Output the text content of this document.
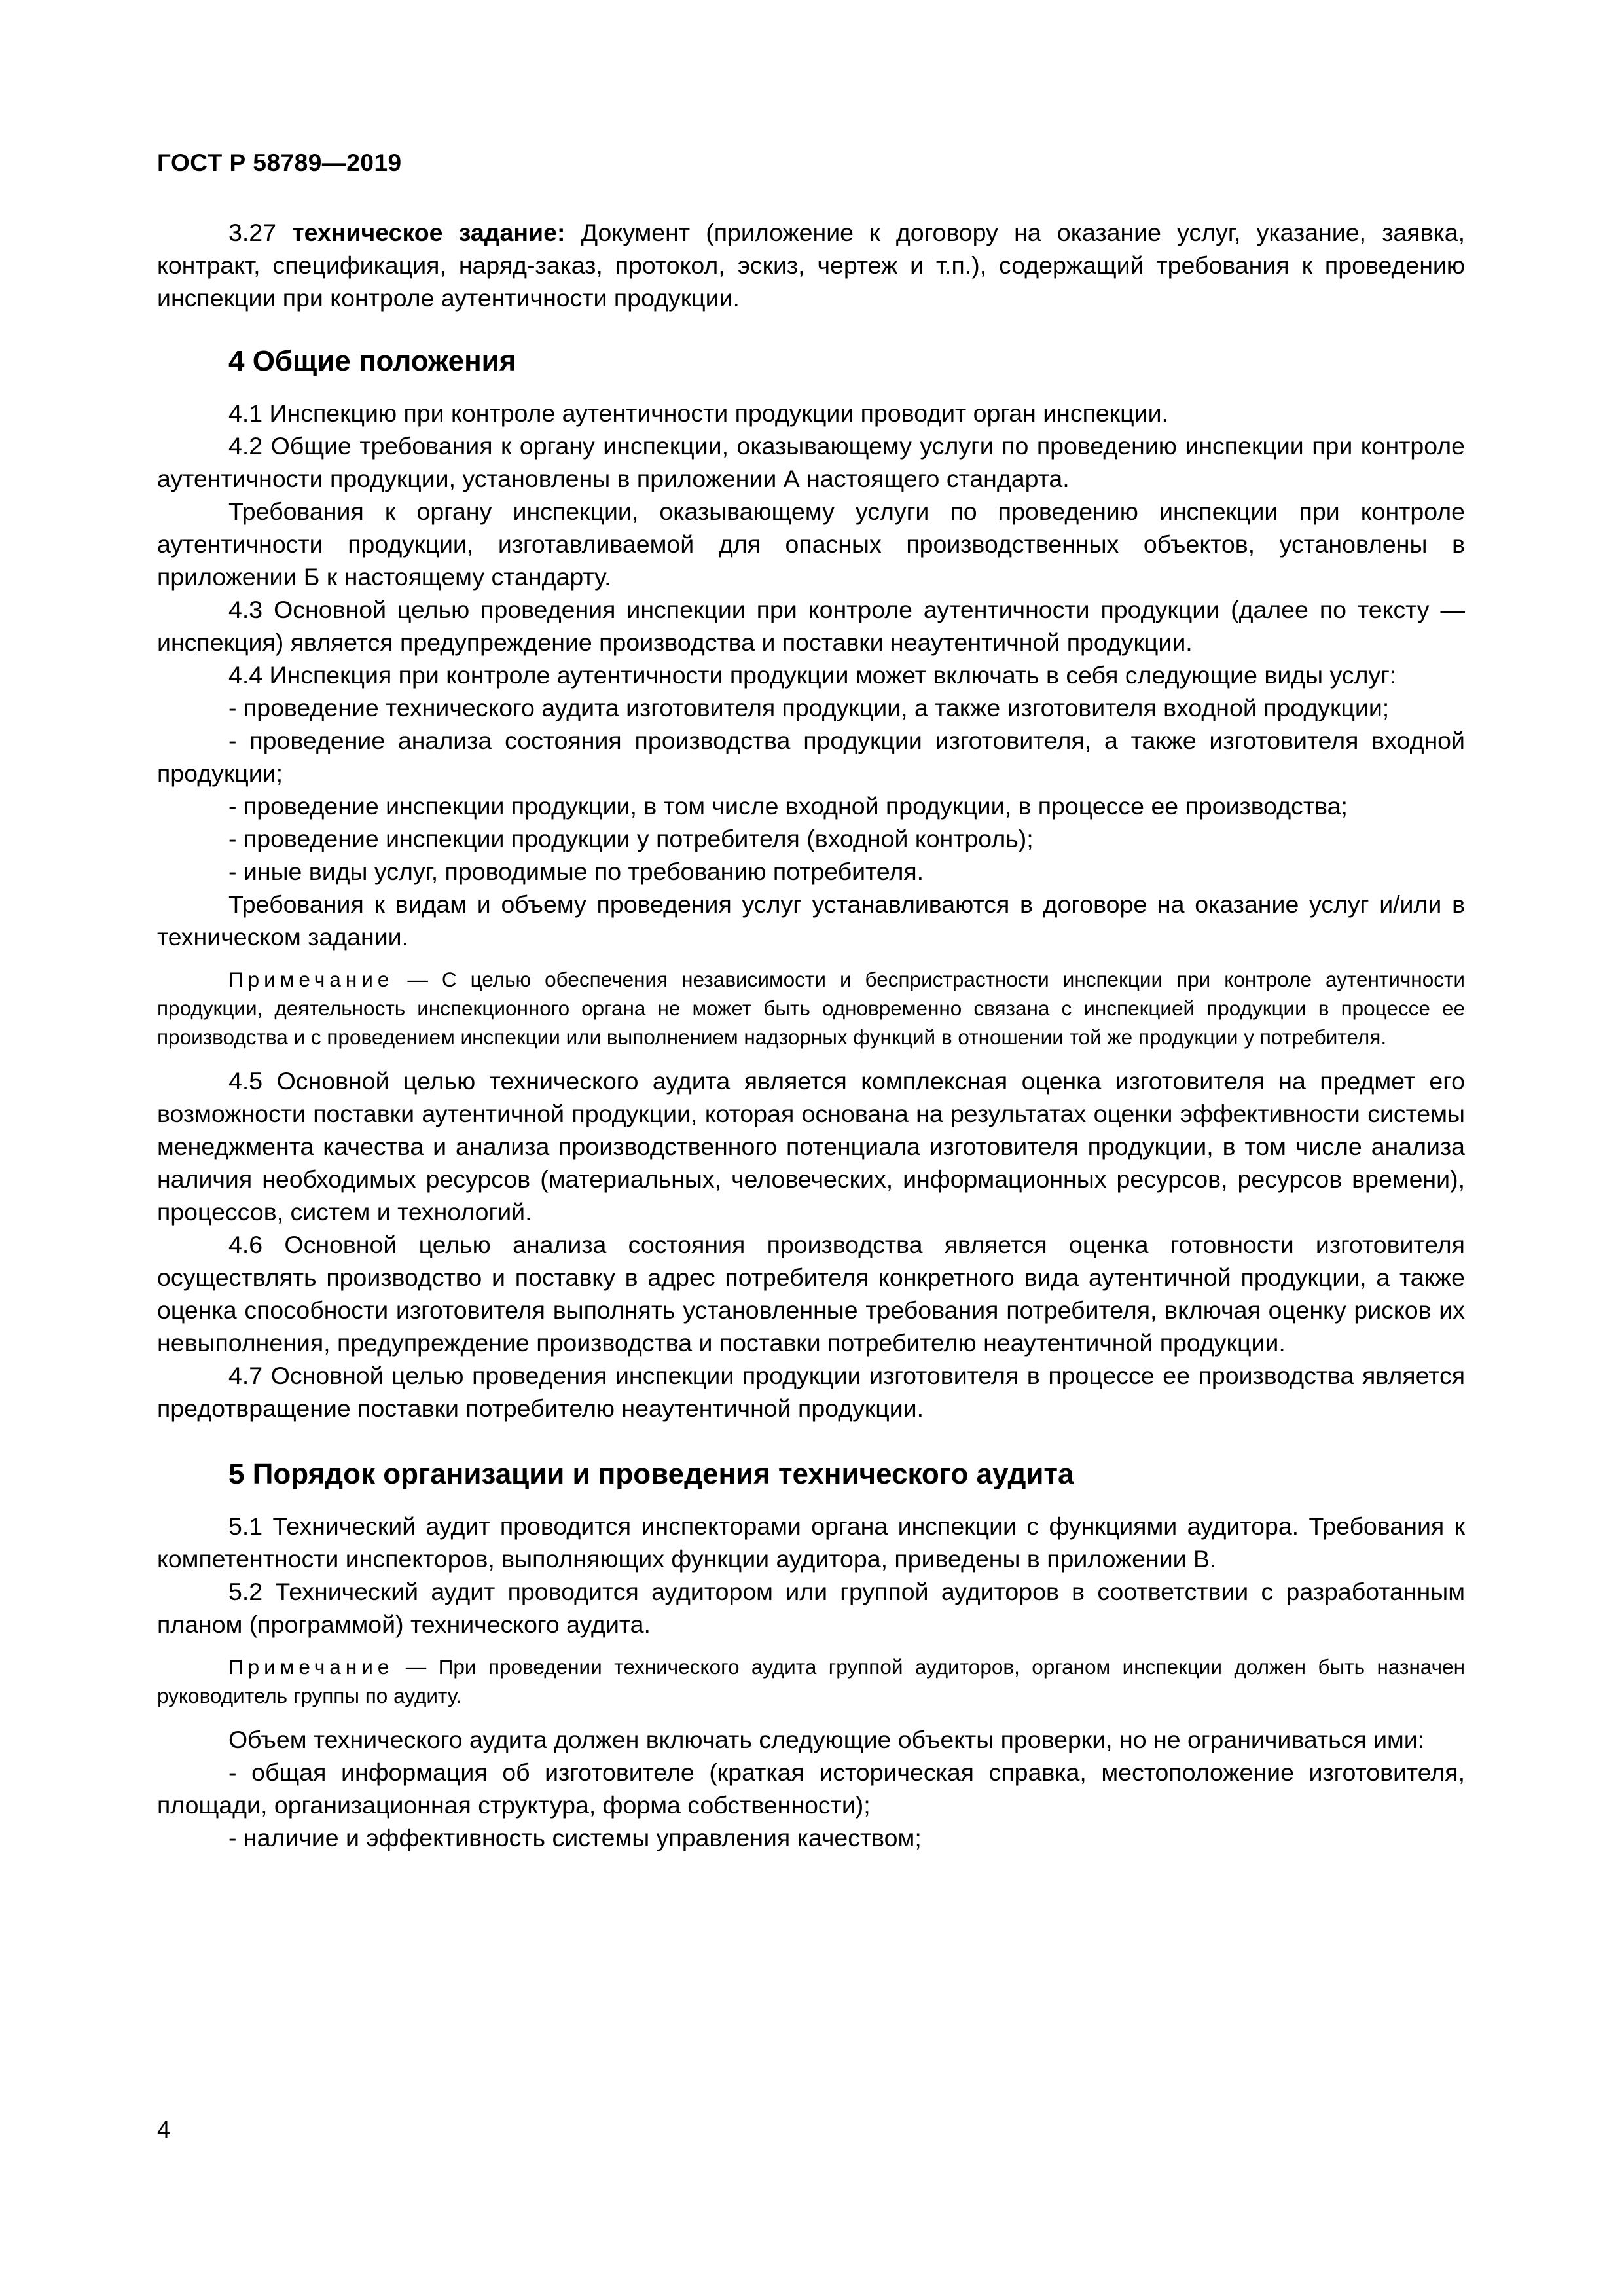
ГОСТ Р 58789—2019

3.27 техническое задание: Документ (приложение к договору на оказание услуг, указание, заявка, контракт, спецификация, наряд-заказ, протокол, эскиз, чертеж и т.п.), содержащий требования к проведению инспекции при контроле аутентичности продукции.

4 Общие положения

4.1 Инспекцию при контроле аутентичности продукции проводит орган инспекции.

4.2 Общие требования к органу инспекции, оказывающему услуги по проведению инспекции при контроле аутентичности продукции, установлены в приложении А настоящего стандарта.

Требования к органу инспекции, оказывающему услуги по проведению инспекции при контроле аутентичности продукции, изготавливаемой для опасных производственных объектов, установлены в приложении Б к настоящему стандарту.

4.3 Основной целью проведения инспекции при контроле аутентичности продукции (далее по тексту — инспекция) является предупреждение производства и поставки неаутентичной продукции.

4.4 Инспекция при контроле аутентичности продукции может включать в себя следующие виды услуг:

- проведение технического аудита изготовителя продукции, а также изготовителя входной продукции;

- проведение анализа состояния производства продукции изготовителя, а также изготовителя входной продукции;

- проведение инспекции продукции, в том числе входной продукции, в процессе ее производства;

- проведение инспекции продукции у потребителя (входной контроль);

- иные виды услуг, проводимые по требованию потребителя.

Требования к видам и объему проведения услуг устанавливаются в договоре на оказание услуг и/или в техническом задании.

Примечание — С целью обеспечения независимости и беспристрастности инспекции при контроле аутентичности продукции, деятельность инспекционного органа не может быть одновременно связана с инспекцией продукции в процессе ее производства и с проведением инспекции или выполнением надзорных функций в отношении той же продукции у потребителя.

4.5 Основной целью технического аудита является комплексная оценка изготовителя на предмет его возможности поставки аутентичной продукции, которая основана на результатах оценки эффективности системы менеджмента качества и анализа производственного потенциала изготовителя продукции, в том числе анализа наличия необходимых ресурсов (материальных, человеческих, информационных ресурсов, ресурсов времени), процессов, систем и технологий.

4.6 Основной целью анализа состояния производства является оценка готовности изготовителя осуществлять производство и поставку в адрес потребителя конкретного вида аутентичной продукции, а также оценка способности изготовителя выполнять установленные требования потребителя, включая оценку рисков их невыполнения, предупреждение производства и поставки потребителю неаутентичной продукции.

4.7 Основной целью проведения инспекции продукции изготовителя в процессе ее производства является предотвращение поставки потребителю неаутентичной продукции.

5 Порядок организации и проведения технического аудита

5.1 Технический аудит проводится инспекторами органа инспекции с функциями аудитора. Требования к компетентности инспекторов, выполняющих функции аудитора, приведены в приложении В.

5.2 Технический аудит проводится аудитором или группой аудиторов в соответствии с разработанным планом (программой) технического аудита.

Примечание — При проведении технического аудита группой аудиторов, органом инспекции должен быть назначен руководитель группы по аудиту.

Объем технического аудита должен включать следующие объекты проверки, но не ограничиваться ими:

- общая информация об изготовителе (краткая историческая справка, местоположение изготовителя, площади, организационная структура, форма собственности);

- наличие и эффективность системы управления качеством;

4
